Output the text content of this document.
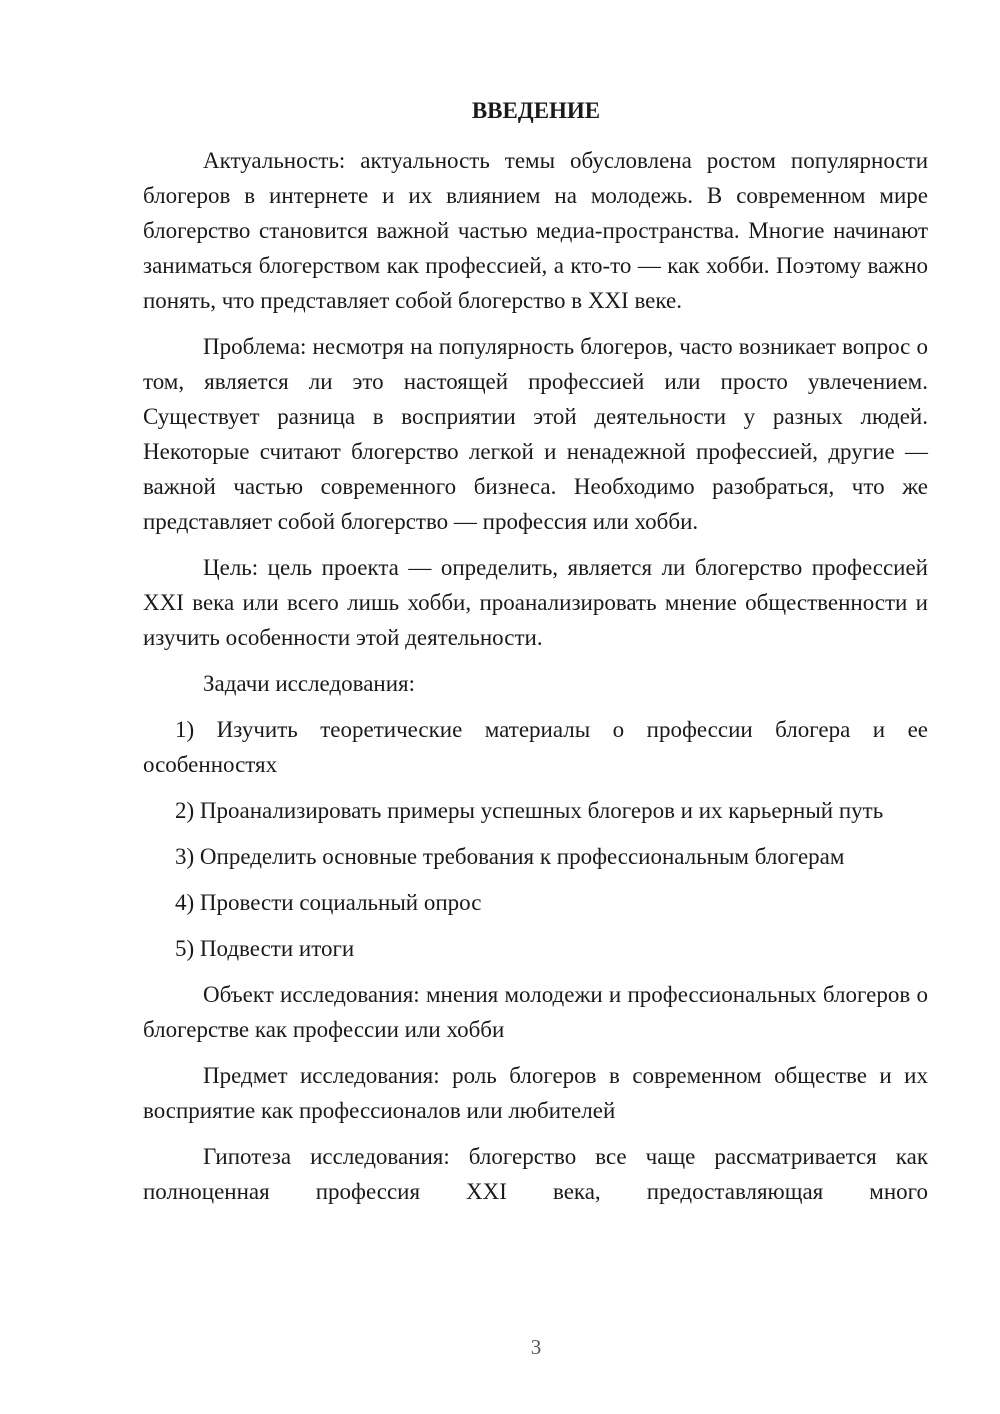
ВВЕДЕНИЕ

Актуальность: актуальность темы обусловлена ростом популярности блогеров в интернете и их влиянием на молодежь. В современном мире блогерство становится важной частью медиа-пространства. Многие начинают заниматься блогерством как профессией, а кто-то — как хобби. Поэтому важно понять, что представляет собой блогерство в XXI веке.

Проблема: несмотря на популярность блогеров, часто возникает вопрос о том, является ли это настоящей профессией или просто увлечением. Существует разница в восприятии этой деятельности у разных людей. Некоторые считают блогерство легкой и ненадежной профессией, другие — важной частью современного бизнеса. Необходимо разобраться, что же представляет собой блогерство — профессия или хобби.

Цель: цель проекта — определить, является ли блогерство профессией XXI века или всего лишь хобби, проанализировать мнение общественности и изучить особенности этой деятельности.

Задачи исследования:

1) Изучить теоретические материалы о профессии блогера и ее особенностях

2) Проанализировать примеры успешных блогеров и их карьерный путь

3) Определить основные требования к профессиональным блогерам

4) Провести социальный опрос

5) Подвести итоги

Объект исследования: мнения молодежи и профессиональных блогеров о блогерстве как профессии или хобби

Предмет исследования: роль блогеров в современном обществе и их восприятие как профессионалов или любителей

Гипотеза исследования: блогерство все чаще рассматривается как полноценная профессия XXI века, предоставляющая много

3
